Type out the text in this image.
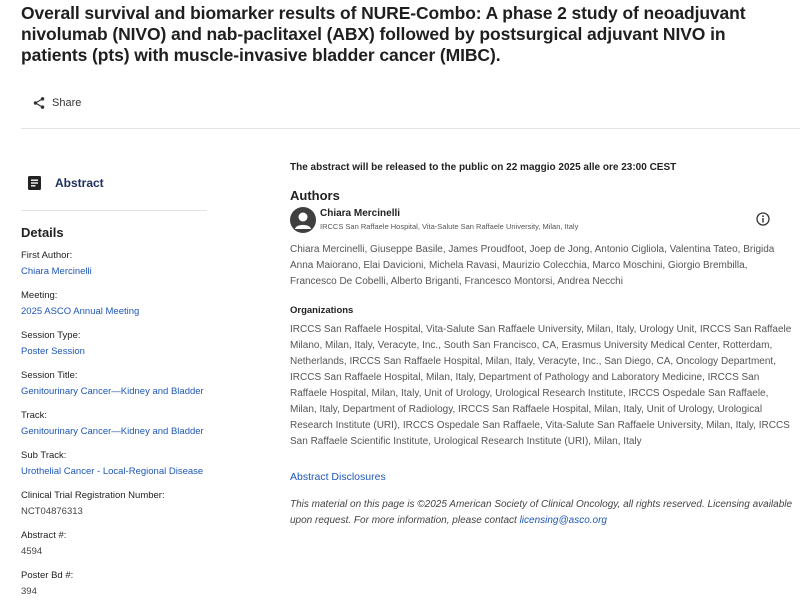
Overall survival and biomarker results of NURE-Combo: A phase 2 study of neoadjuvant nivolumab (NIVO) and nab-paclitaxel (ABX) followed by postsurgical adjuvant NIVO in patients (pts) with muscle-invasive bladder cancer (MIBC).
Share
The abstract will be released to the public on 22 maggio 2025 alle ore 23:00 CEST
Abstract
Details
First Author:
Chiara Mercinelli
Meeting:
2025 ASCO Annual Meeting
Session Type:
Poster Session
Session Title:
Genitourinary Cancer—Kidney and Bladder
Track:
Genitourinary Cancer—Kidney and Bladder
Sub Track:
Urothelial Cancer - Local-Regional Disease
Clinical Trial Registration Number:
NCT04876313
Abstract #:
4594
Poster Bd #:
394
Authors
Chiara Mercinelli
IRCCS San Raffaele Hospital, Vita-Salute San Raffaele University, Milan, Italy
Chiara Mercinelli, Giuseppe Basile, James Proudfoot, Joep de Jong, Antonio Cigliola, Valentina Tateo, Brigida Anna Maiorano, Elai Davicioni, Michela Ravasi, Maurizio Colecchia, Marco Moschini, Giorgio Brembilla, Francesco De Cobelli, Alberto Briganti, Francesco Montorsi, Andrea Necchi
Organizations
IRCCS San Raffaele Hospital, Vita-Salute San Raffaele University, Milan, Italy, Urology Unit, IRCCS San Raffaele Milano, Milan, Italy, Veracyte, Inc., South San Francisco, CA, Erasmus University Medical Center, Rotterdam, Netherlands, IRCCS San Raffaele Hospital, Milan, Italy, Veracyte, Inc., San Diego, CA, Oncology Department, IRCCS San Raffaele Hospital, Milan, Italy, Department of Pathology and Laboratory Medicine, IRCCS San Raffaele Hospital, Milan, Italy, Unit of Urology, Urological Research Institute, IRCCS Ospedale San Raffaele, Milan, Italy, Department of Radiology, IRCCS San Raffaele Hospital, Milan, Italy, Unit of Urology, Urological Research Institute (URI), IRCCS Ospedale San Raffaele, Vita-Salute San Raffaele University, Milan, Italy, IRCCS San Raffaele Scientific Institute, Urological Research Institute (URI), Milan, Italy
Abstract Disclosures
This material on this page is ©2025 American Society of Clinical Oncology, all rights reserved. Licensing available upon request. For more information, please contact licensing@asco.org
